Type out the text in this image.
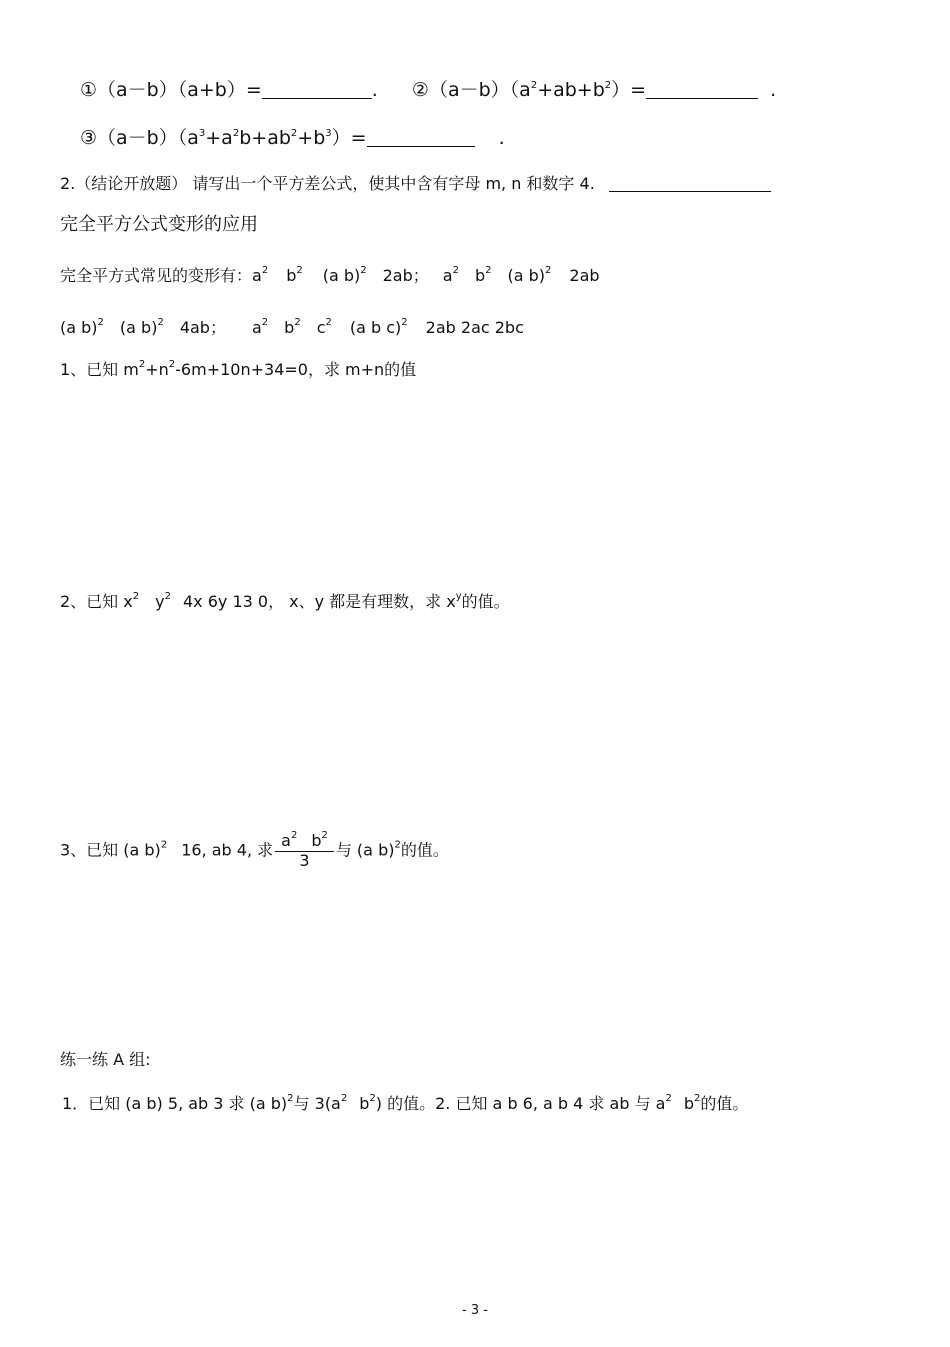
①（a－b）（a+b）=	. $②(a-b)(a^2+ab+b^2)=$	.
$③(a-b)(a^3+a^2b+ab^2+b^3)=$	.
2.（结论开放题） 请写出一个平方差公式，使其中含有字母 m, n 和数字 4.
完全平方公式变形的应用
完全平方式常见的变形有：$a^2$ $b^2$ (a b)$^2$ 2ab； $a^2$ $b^2$ (a b)$^2$ 2ab
(a b)$^2$ (a b)$^2$ 4ab； $a^2$ $b^2$ $c^2$ (a b c)$^2$ 2ab 2ac 2bc
1、已知 $m^2+n^2-6m+10n+34=0$，求 m+n的值
2、已知 $x^2$ $y^2$ 4x 6y 13 0， x、y 都是有理数，求 $x^y$的值。
3、已知 (a b)$^2$ 16, ab 4, 求 $\frac{a^2 b^2}{3}$ 与 (a b)$^2$的值。
练一练 A 组:
1．已知 (a b) 5, ab 3 求 (a b)$^2$与 $3(a^2$ $b^2$) 的值。2. 已知 a b 6, a b 4 求 ab 与 $a^2$ $b^2$的值。
- 3 -
